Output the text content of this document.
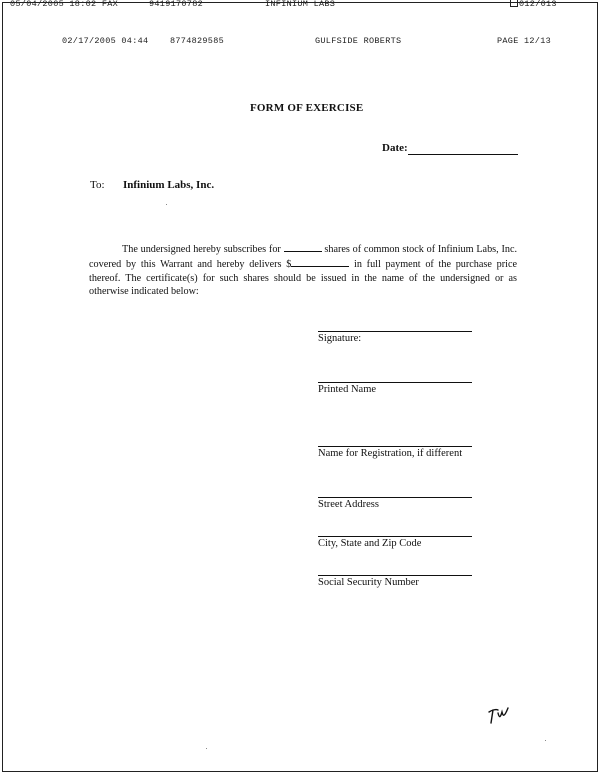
05/04/2005 18:02 FAX	9419170782	INFINIUM LABS	012/013
02/17/2005 04:44	8774829585	GULFSIDE ROBERTS	PAGE 12/13
FORM OF EXERCISE
Date:
To: Infinium Labs, Inc.
The undersigned hereby subscribes for	shares of common stock of Infinium Labs, Inc. covered by this Warrant and hereby delivers $	in full payment of the purchase price thereof. The certificate(s) for such shares should be issued in the name of the undersigned or as otherwise indicated below:
Signature:
Printed Name
Name for Registration, if different
Street Address
City, State and Zip Code
Social Security Number
